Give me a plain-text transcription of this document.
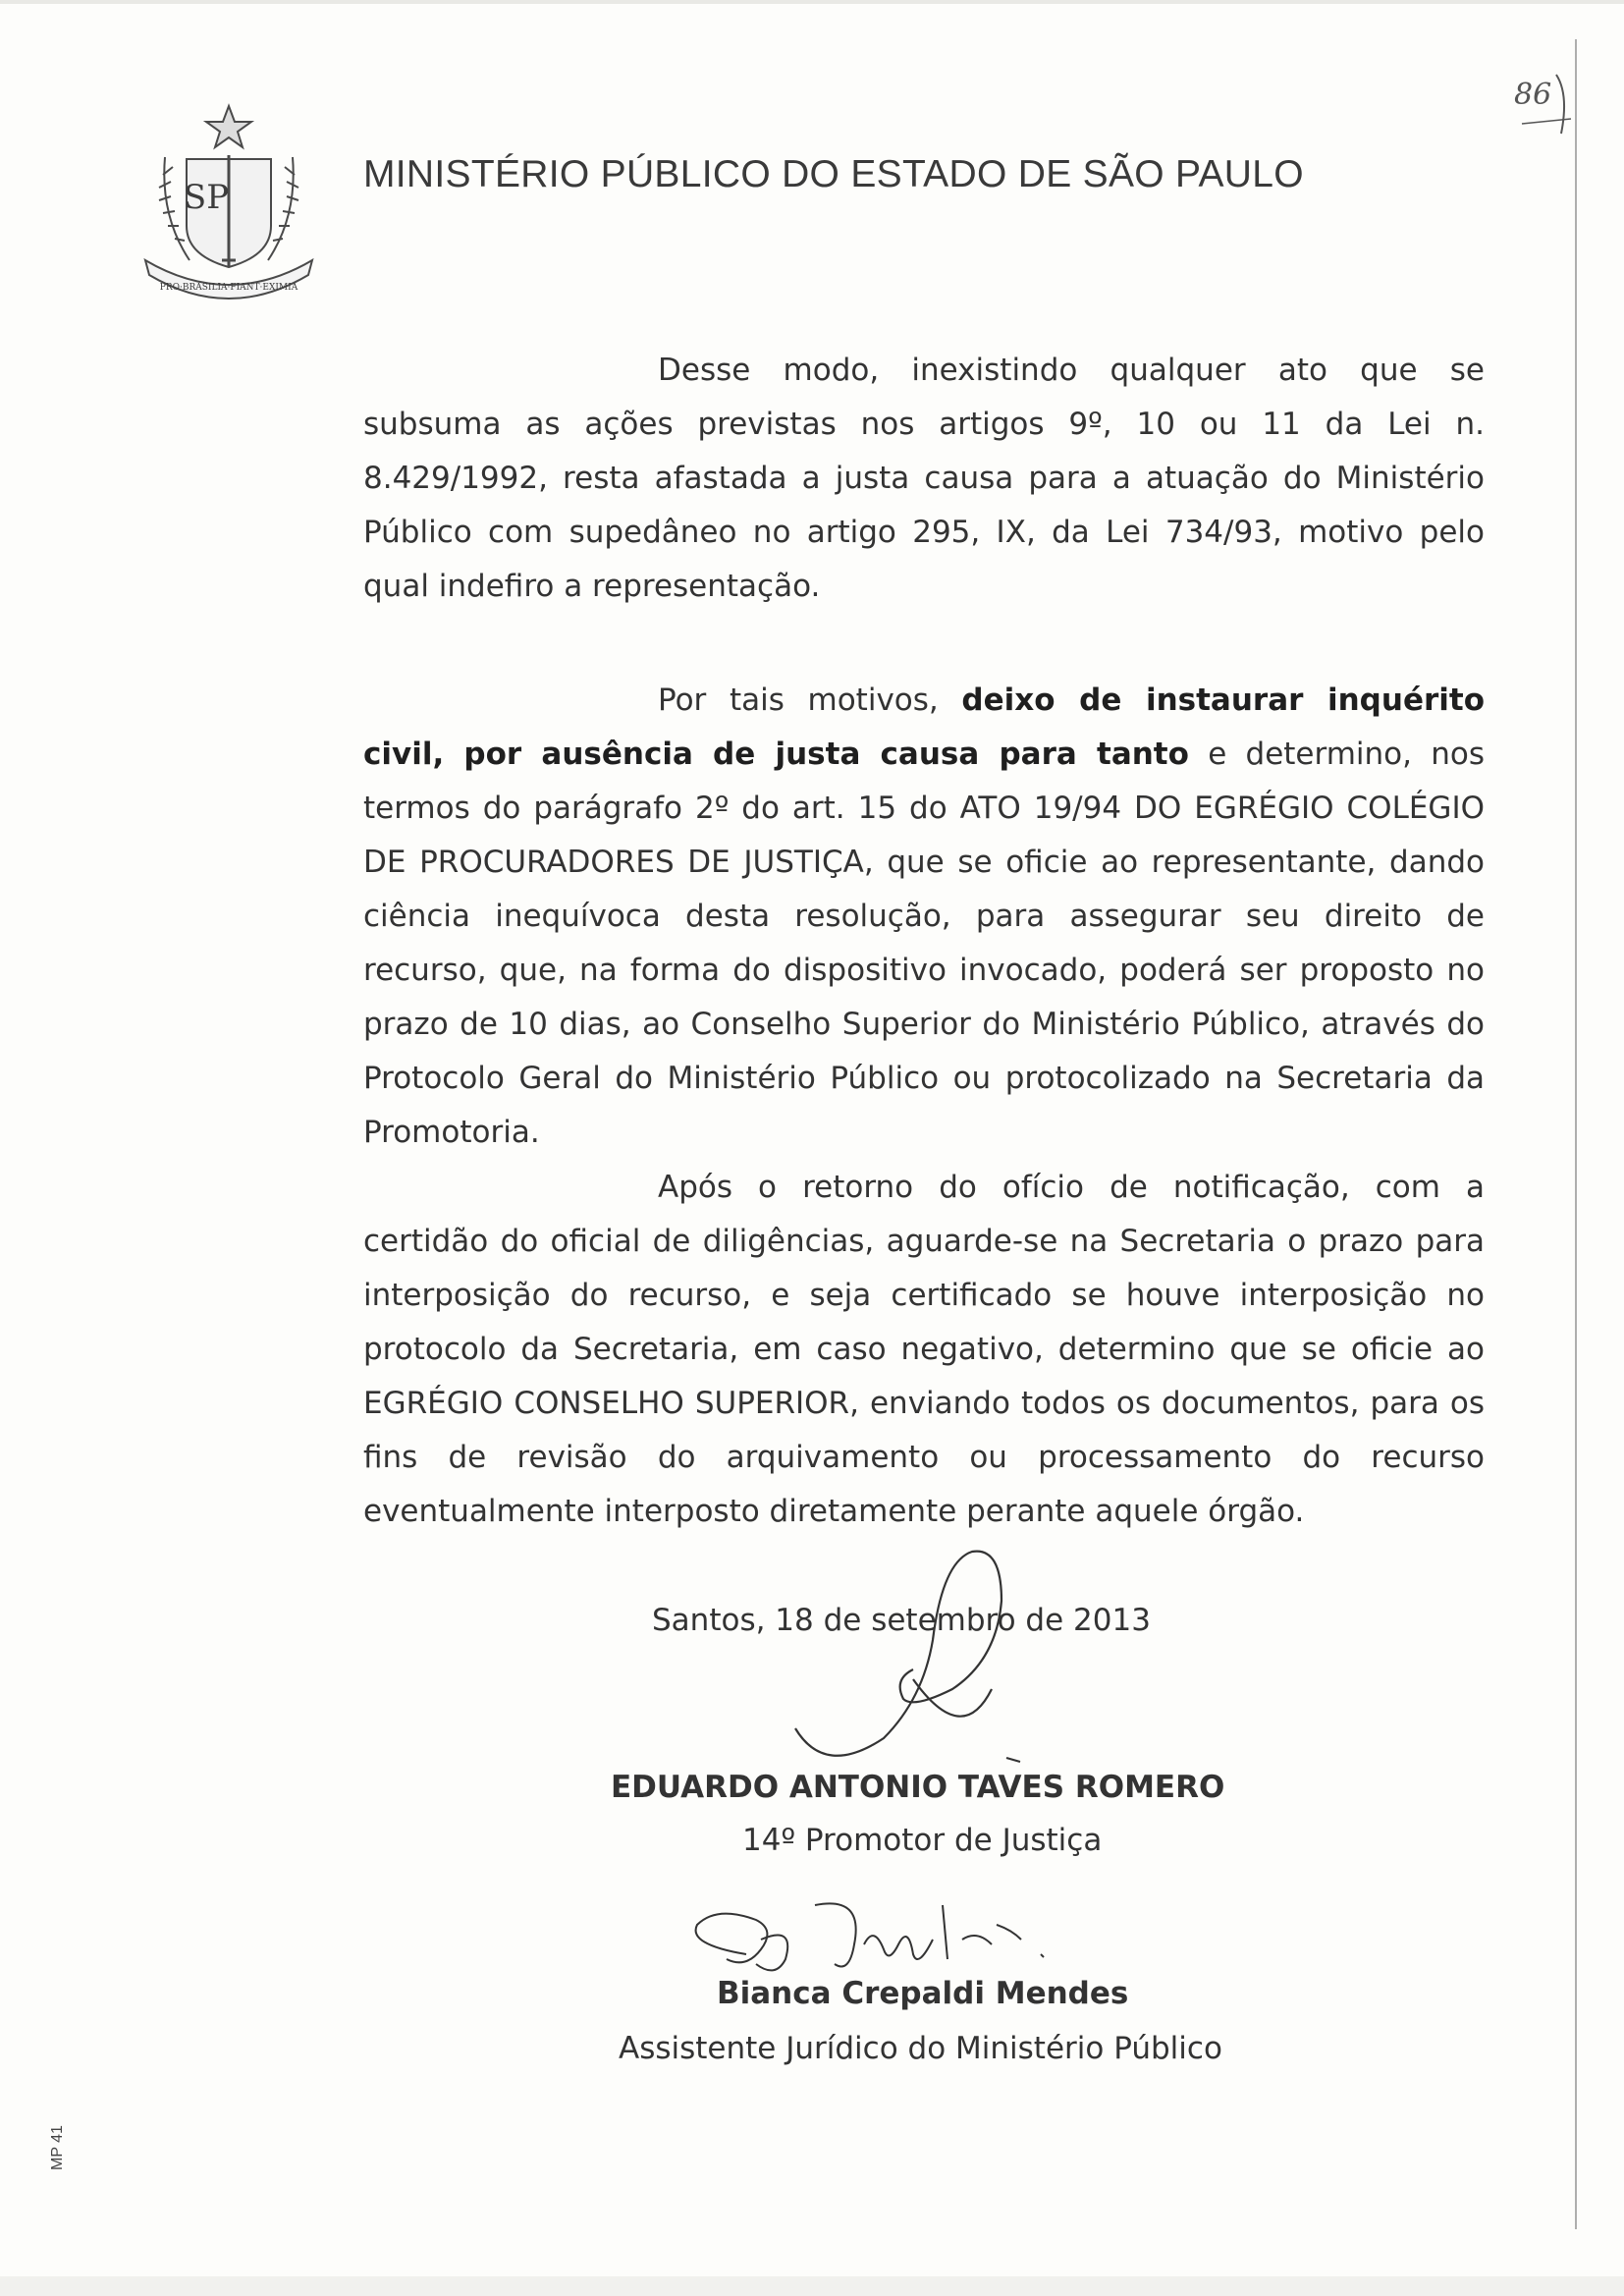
SP
PRO·BRASILIA·FIANT·EXIMIA
MINISTÉRIO PÚBLICO DO ESTADO DE SÃO PAULO
86
Desse modo, inexistindo qualquer ato que se subsuma as ações previstas nos artigos 9º, 10 ou 11 da Lei n. 8.429/1992, resta afastada a justa causa para a atuação do Ministério Público com supedâneo no artigo 295, IX, da Lei 734/93, motivo pelo qual indefiro a representação.
Por tais motivos, deixo de instaurar inquérito civil, por ausência de justa causa para tanto e determino, nos termos do parágrafo 2º do art. 15 do ATO 19/94 DO EGRÉGIO COLÉGIO DE PROCURADORES DE JUSTIÇA, que se oficie ao representante, dando ciência inequívoca desta resolução, para assegurar seu direito de recurso, que, na forma do dispositivo invocado, poderá ser proposto no prazo de 10 dias, ao Conselho Superior do Ministério Público, através do Protocolo Geral do Ministério Público ou protocolizado na Secretaria da Promotoria.
Após o retorno do ofício de notificação, com a certidão do oficial de diligências, aguarde-se na Secretaria o prazo para interposição do recurso, e seja certificado se houve interposição no protocolo da Secretaria, em caso negativo, determino que se oficie ao EGRÉGIO CONSELHO SUPERIOR, enviando todos os documentos, para os fins de revisão do arquivamento ou processamento do recurso eventualmente interposto diretamente perante aquele órgão.
Santos, 18 de setembro de 2013
EDUARDO ANTONIO TAVES ROMERO
14º Promotor de Justiça
Bianca Crepaldi Mendes
Assistente Jurídico do Ministério Público
MP 41
